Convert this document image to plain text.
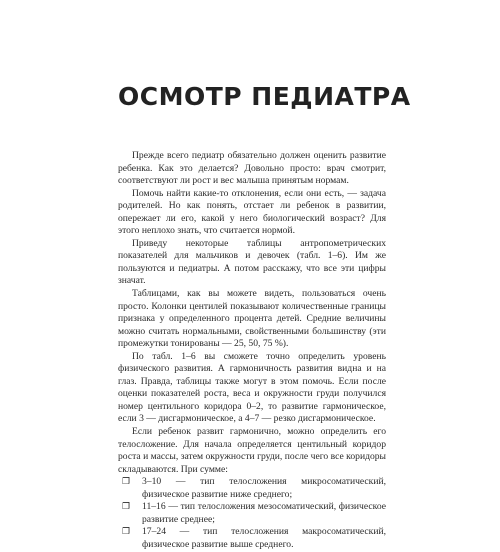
ОСМОТР ПЕДИАТРА

Прежде всего педиатр обязательно должен оценить развитие ребенка. Как это делается? Довольно просто: врач смотрит, соответствуют ли рост и вес малыша принятым нормам.

Помочь найти какие-то отклонения, если они есть, — задача родителей. Но как понять, отстает ли ребенок в развитии, опережает ли его, какой у него биологический возраст? Для этого неплохо знать, что считается нормой.

Приведу некоторые таблицы антропометрических показателей для мальчиков и девочек (табл. 1–6). Им же пользуются и педиатры. А потом расскажу, что все эти цифры значат.

Таблицами, как вы можете видеть, пользоваться очень просто. Колонки центилей показывают количественные границы признака у определенного процента детей. Средние величины можно считать нормальными, свойственными большинству (эти промежутки тонированы — 25, 50, 75 %).

По табл. 1–6 вы сможете точно определить уровень физического развития. А гармоничность развития видна и на глаз. Правда, таблицы также могут в этом помочь. Если после оценки показателей роста, веса и окружности груди получился номер центильного коридора 0–2, то развитие гармоническое, если 3 — дисгармоническое, а 4–7 — резко дисгармоническое.

Если ребенок развит гармонично, можно определить его телосложение. Для начала определяется центильный коридор роста и массы, затем окружности груди, после чего все коридоры складываются. При сумме:

❐ 3–10 — тип телосложения микросоматический, физическое развитие ниже среднего;
❐ 11–16 — тип телосложения мезосоматический, физическое развитие среднее;
❐ 17–24 — тип телосложения макросоматический, физическое развитие выше среднего.
